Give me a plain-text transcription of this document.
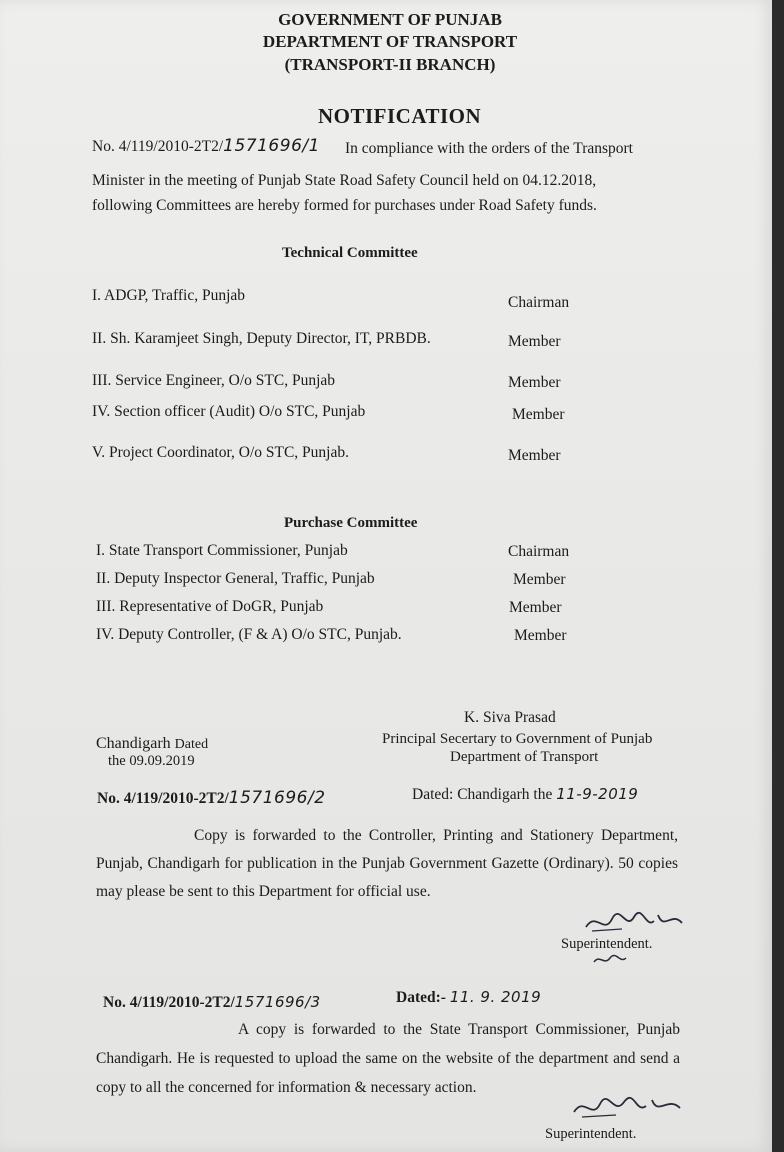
GOVERNMENT OF PUNJAB
DEPARTMENT OF TRANSPORT
(TRANSPORT-II BRANCH)
NOTIFICATION
No. 4/119/2010-2T2/1571696/1 In compliance with the orders of the Transport
Minister in the meeting of Punjab State Road Safety Council held on 04.12.2018,
following Committees are hereby formed for purchases under Road Safety funds.
Technical Committee
I. ADGP, Traffic, Punjab	Chairman
II. Sh. Karamjeet Singh, Deputy Director, IT, PRBDB.	Member
III. Service Engineer, O/o STC, Punjab	Member
IV. Section officer (Audit) O/o STC, Punjab	Member
V. Project Coordinator, O/o STC, Punjab.	Member
Purchase Committee
I. State Transport Commissioner, Punjab	Chairman
II. Deputy Inspector General, Traffic, Punjab	Member
III. Representative of DoGR, Punjab	Member
IV. Deputy Controller, (F & A) O/o STC, Punjab.	Member
K. Siva Prasad
Principal Secertary to Government of Punjab
Department of Transport
Chandigarh Dated
the 09.09.2019
No. 4/119/2010-2T2/1571696/2	Dated: Chandigarh the 11-9-2019
Copy is forwarded to the Controller, Printing and Stationery Department, Punjab, Chandigarh for publication in the Punjab Government Gazette (Ordinary). 50 copies may please be sent to this Department for official use.
Superintendent.
No. 4/119/2010-2T2/1571696/3	Dated:- 11. 9. 2019
A copy is forwarded to the State Transport Commissioner, Punjab Chandigarh. He is requested to upload the same on the website of the department and send a copy to all the concerned for information & necessary action.
Superintendent.
